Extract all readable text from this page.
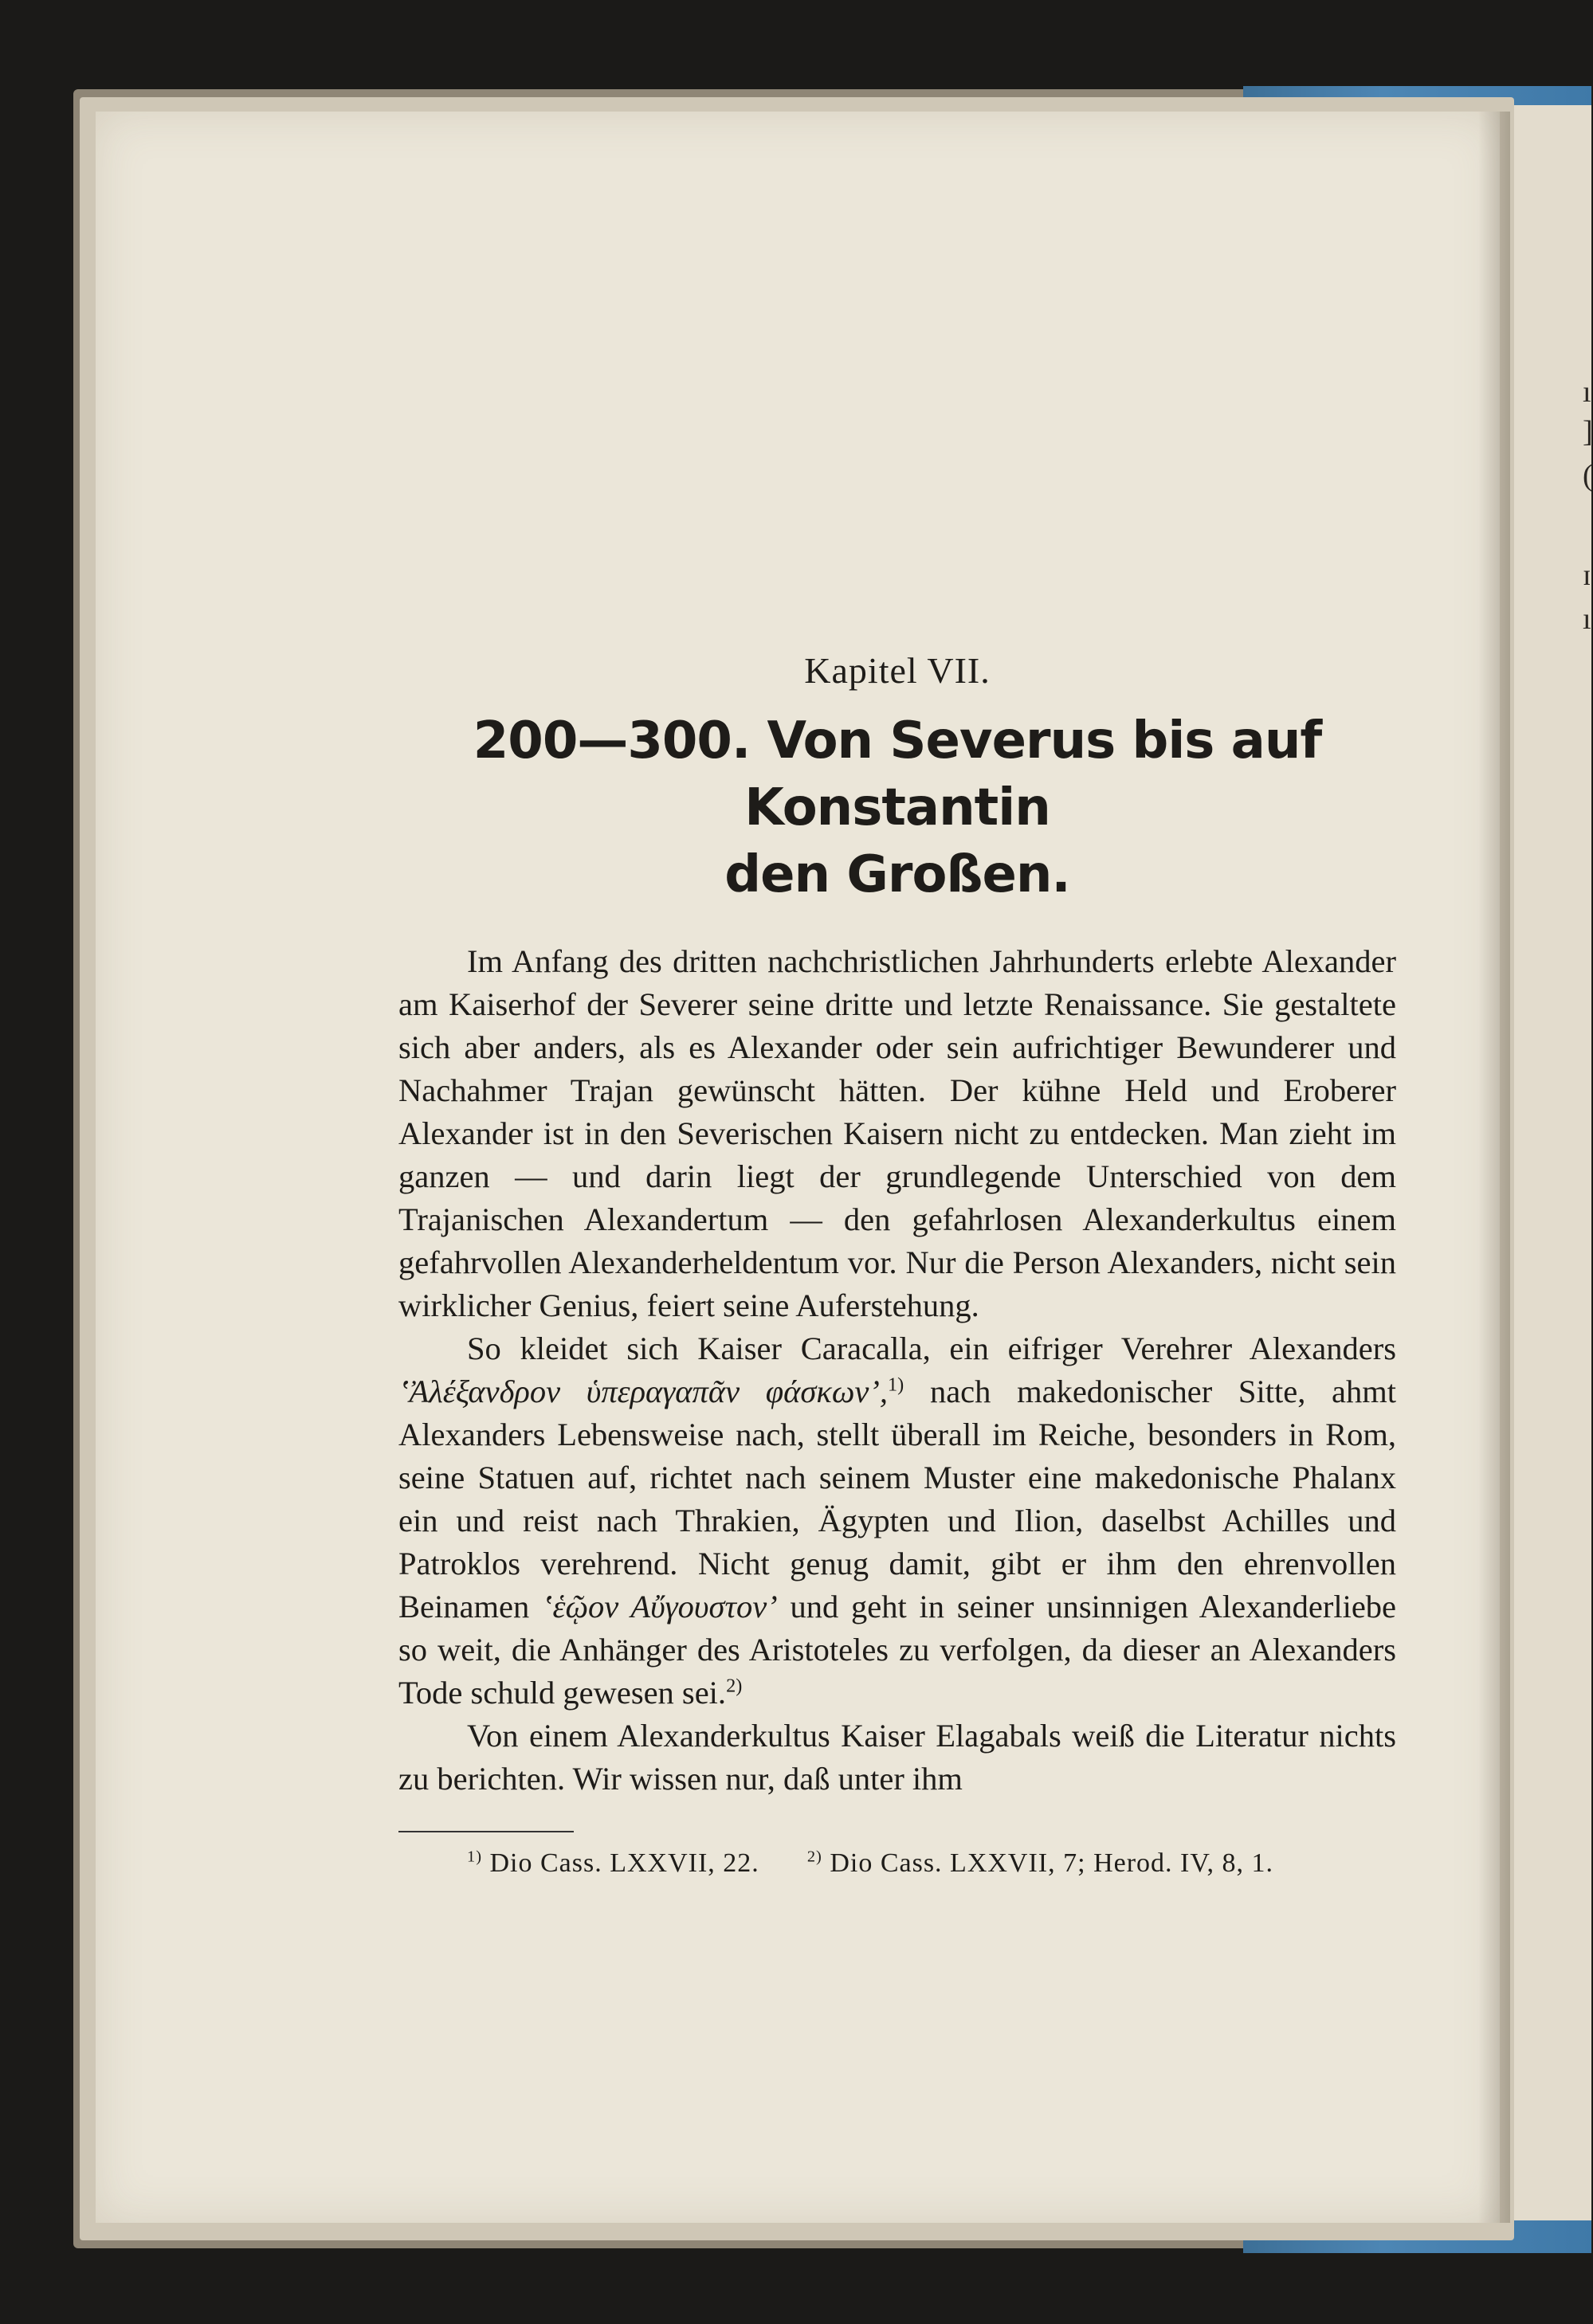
ı
]
(
ɪ
ı
Kapitel VII.
200—300. Von Severus bis auf Konstantin
den Großen.

Im Anfang des dritten nachchristlichen Jahrhunderts erlebte Alexander am Kaiserhof der Severer seine dritte und letzte Renaissance. Sie gestaltete sich aber anders, als es Alexander oder sein aufrichtiger Bewunderer und Nachahmer Trajan gewünscht hätten. Der kühne Held und Eroberer Alexander ist in den Severischen Kaisern nicht zu entdecken. Man zieht im ganzen — und darin liegt der grundlegende Unterschied von dem Trajanischen Alexandertum — den gefahrlosen Alexanderkultus einem gefahrvollen Alexanderheldentum vor. Nur die Person Alexanders, nicht sein wirklicher Genius, feiert seine Auferstehung.

So kleidet sich Kaiser Caracalla, ein eifriger Verehrer Alexanders ʽἈλέξανδρον ὑπεραγαπᾶν φάσκων’,$^{1)}$ nach makedonischer Sitte, ahmt Alexanders Lebensweise nach, stellt überall im Reiche, besonders in Rom, seine Statuen auf, richtet nach seinem Muster eine makedonische Phalanx ein und reist nach Thrakien, Ägypten und Ilion, daselbst Achilles und Patroklos verehrend. Nicht genug damit, gibt er ihm den ehrenvollen Beinamen ʽἑῷον Αὔγουστον’ und geht in seiner unsinnigen Alexanderliebe so weit, die Anhänger des Aristoteles zu verfolgen, da dieser an Alexanders Tode schuld gewesen sei.$^{2)}$

Von einem Alexanderkultus Kaiser Elagabals weiß die Literatur nichts zu berichten. Wir wissen nur, daß unter ihm

$^{1)}$ Dio Cass. LXXVII, 22.	$^{2)}$ Dio Cass. LXXVII, 7; Herod. IV, 8, 1.
